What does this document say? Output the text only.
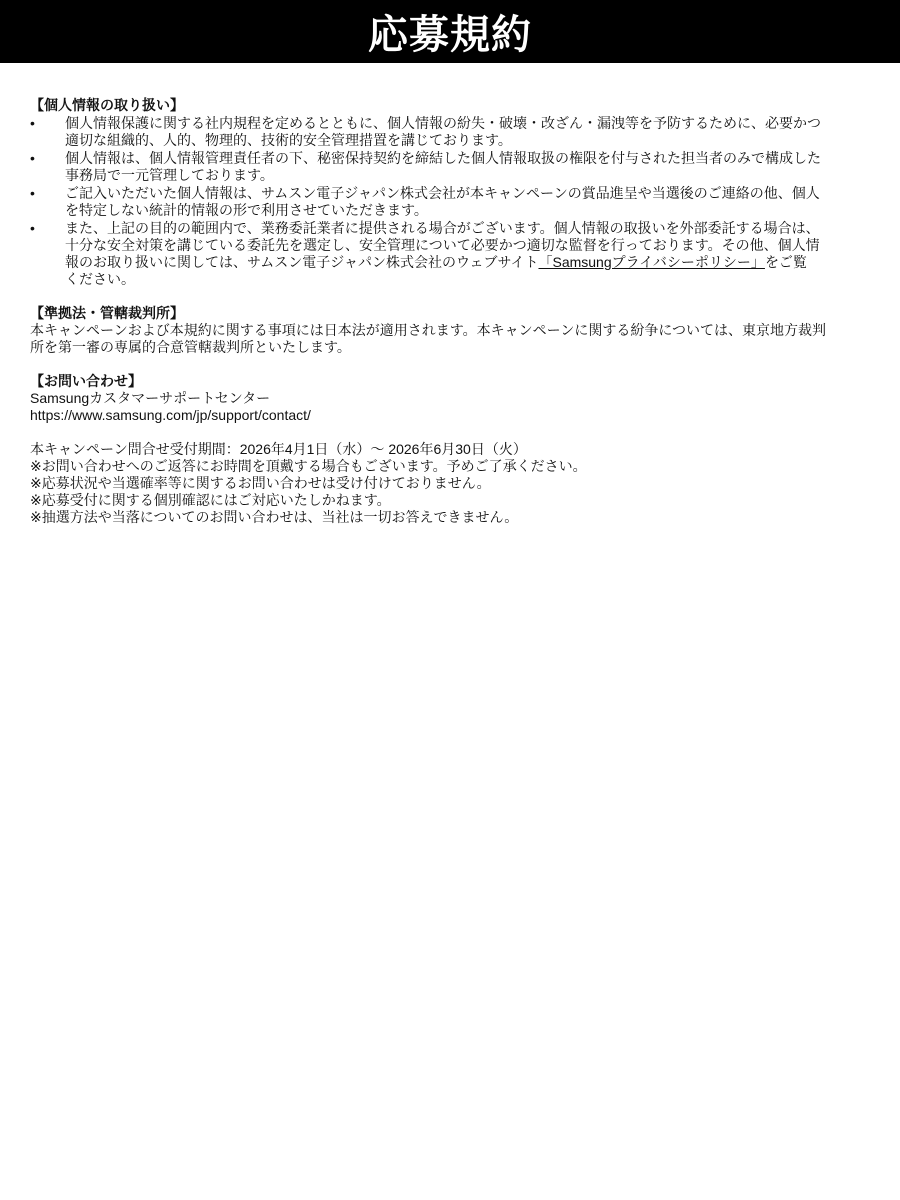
応募規約
【個人情報の取り扱い】
• 個人情報保護に関する社内規程を定めるとともに、個人情報の紛失・破壊・改ざん・漏洩等を予防するために、必要かつ
適切な組織的、人的、物理的、技術的安全管理措置を講じております。
• 個人情報は、個人情報管理責任者の下、秘密保持契約を締結した個人情報取扱の権限を付与された担当者のみで構成した
事務局で一元管理しております。
• ご記入いただいた個人情報は、サムスン電子ジャパン株式会社が本キャンペーンの賞品進呈や当選後のご連絡の他、個人
を特定しない統計的情報の形で利用させていただきます。
• また、上記の目的の範囲内で、業務委託業者に提供される場合がございます。個人情報の取扱いを外部委託する場合は、
十分な安全対策を講じている委託先を選定し、安全管理について必要かつ適切な監督を行っております。その他、個人情
報のお取り扱いに関しては、サムスン電子ジャパン株式会社のウェブサイト「Samsungプライバシーポリシー」をご覧
ください。
【準拠法・管轄裁判所】
本キャンペーンおよび本規約に関する事項には日本法が適用されます。本キャンペーンに関する紛争については、東京地方裁判
所を第一審の専属的合意管轄裁判所といたします。
【お問い合わせ】
Samsungカスタマーサポートセンター
https://www.samsung.com/jp/support/contact/
本キャンペーン問合せ受付期間：2026年4月1日（水）～ 2026年6月30日（火）
※お問い合わせへのご返答にお時間を頂戴する場合もございます。予めご了承ください。
※応募状況や当選確率等に関するお問い合わせは受け付けておりません。
※応募受付に関する個別確認にはご対応いたしかねます。
※抽選方法や当落についてのお問い合わせは、当社は一切お答えできません。
